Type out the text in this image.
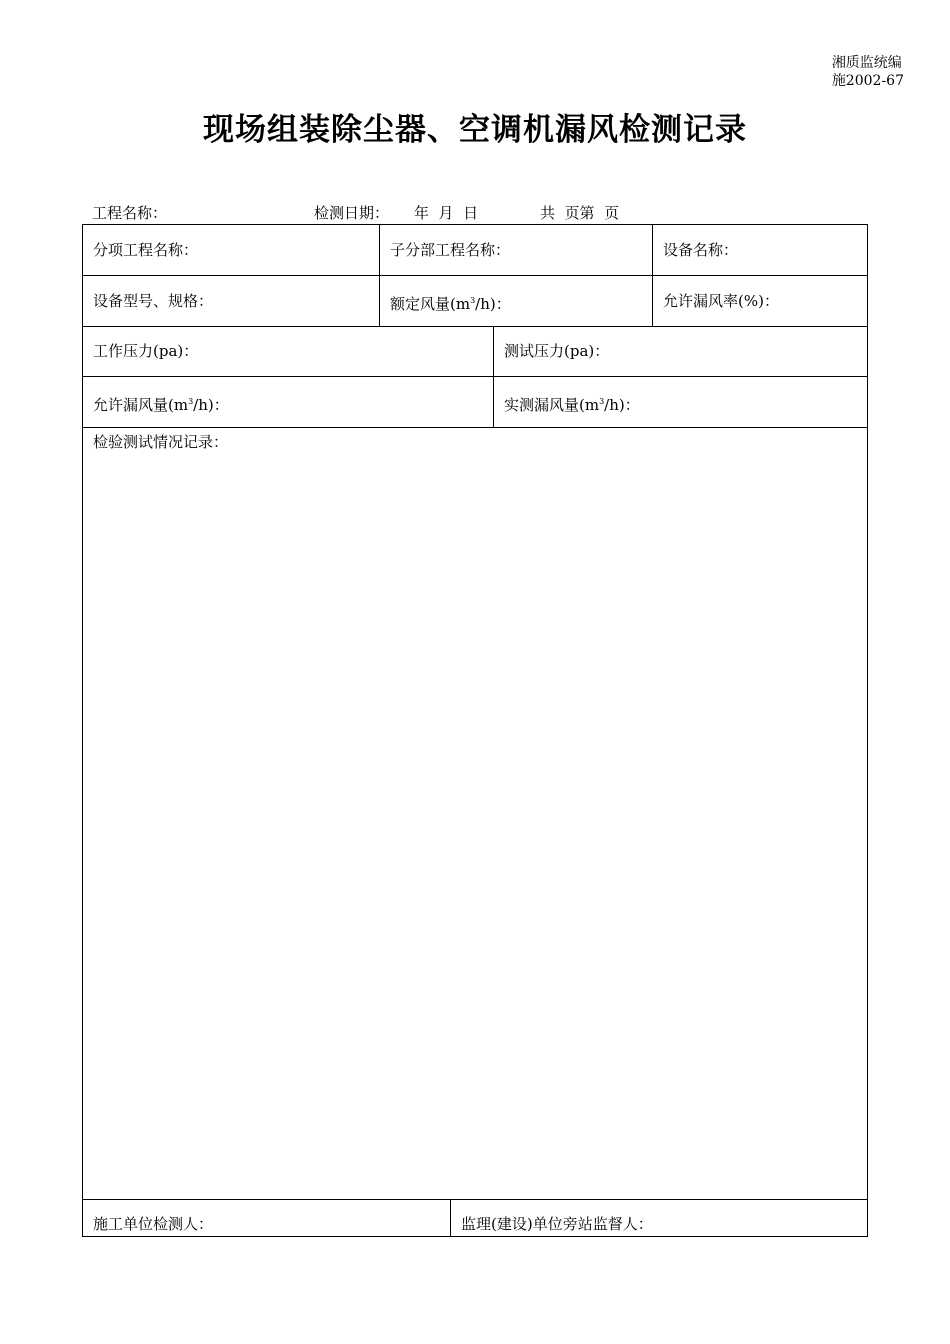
湘质监统编
施2002-67
现场组装除尘器、空调机漏风检测记录
工程名称：	检测日期： 年  月  日	共  页第  页
分项工程名称：	子分部工程名称：	设备名称：
设备型号、规格：	额定风量$(m^3/h)$：	允许漏风率(%)：
工作压力(pa)：	测试压力(pa)：
允许漏风量$(m^3/h)$：	实测漏风量$(m^3/h)$：
检验测试情况记录：
施工单位检测人：	监理(建设)单位旁站监督人：
